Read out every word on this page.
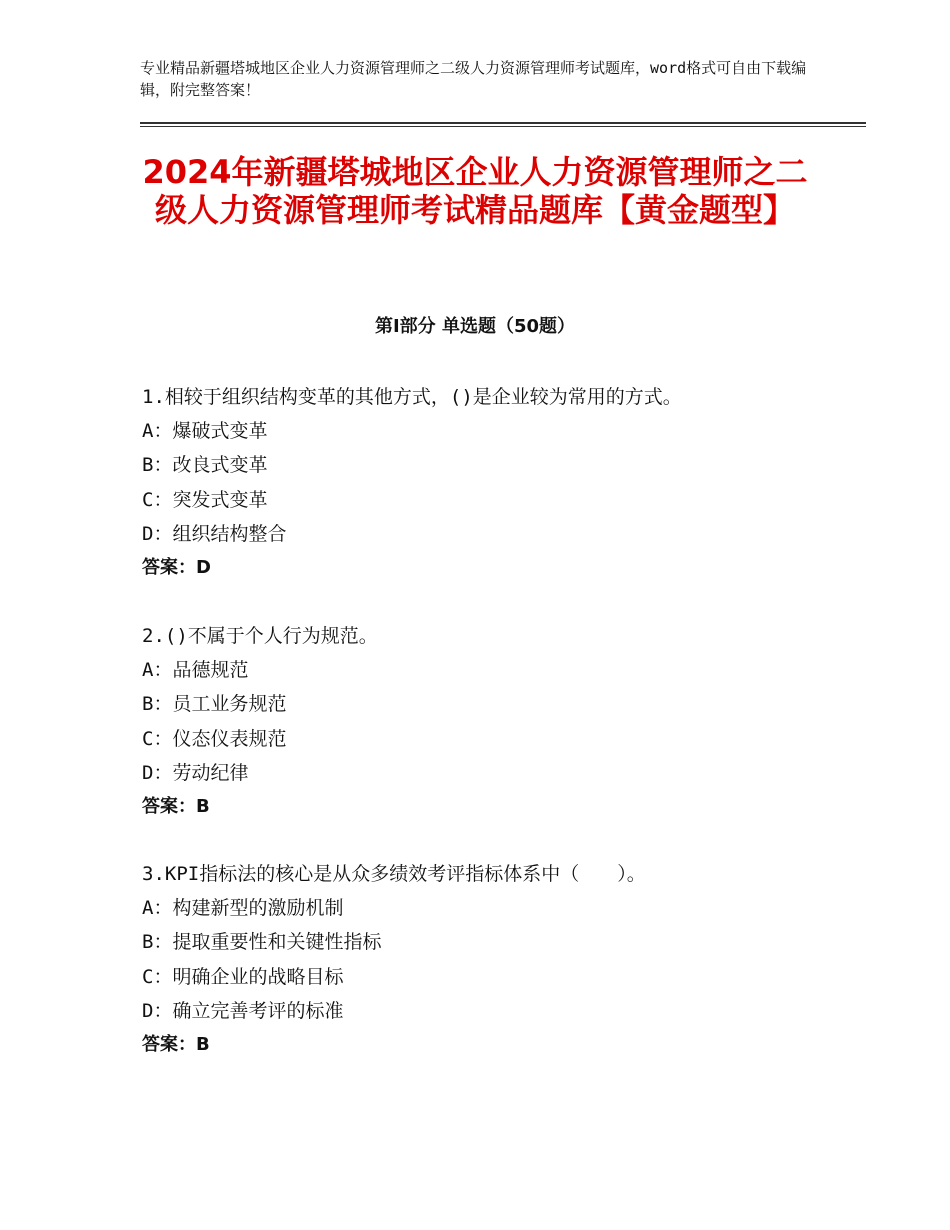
专业精品新疆塔城地区企业人力资源管理师之二级人力资源管理师考试题库，word格式可自由下载编辑，附完整答案！
2024年新疆塔城地区企业人力资源管理师之二级人力资源管理师考试精品题库【黄金题型】
第Ⅰ部分 单选题（50题）
1.相较于组织结构变革的其他方式，()是企业较为常用的方式。
A：爆破式变革
B：改良式变革
C：突发式变革
D：组织结构整合
答案：D
2.()不属于个人行为规范。
A：品德规范
B：员工业务规范
C：仪态仪表规范
D：劳动纪律
答案：B
3.KPI指标法的核心是从众多绩效考评指标体系中（　　）。
A：构建新型的激励机制
B：提取重要性和关键性指标
C：明确企业的战略目标
D：确立完善考评的标准
答案：B
